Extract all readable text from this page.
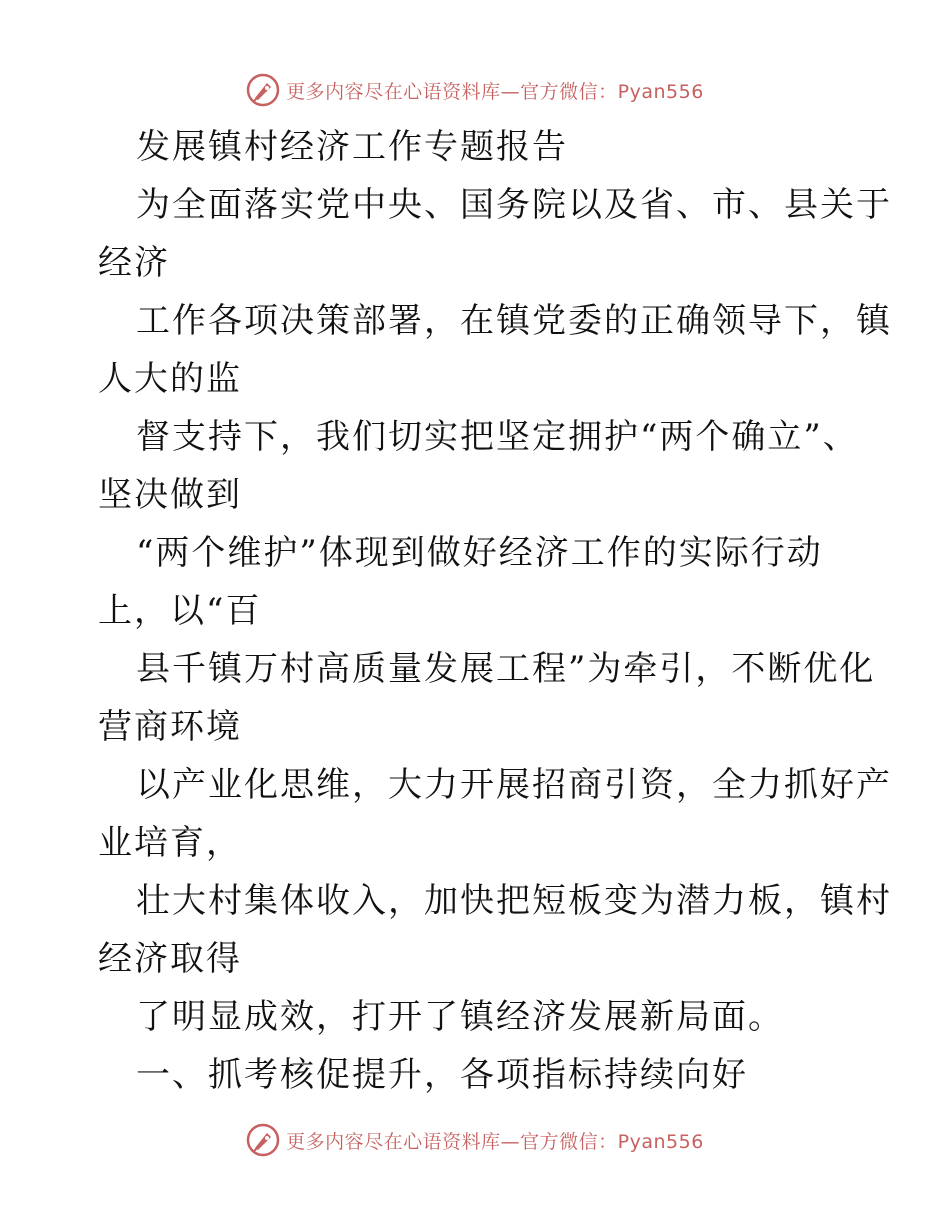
更多内容尽在心语资料库—官方微信：Pyan556
发展镇村经济工作专题报告
为全面落实党中央、国务院以及省、市、县关于
经济
工作各项决策部署，在镇党委的正确领导下，镇
人大的监
督支持下，我们切实把坚定拥护“两个确立”、
坚决做到
“两个维护”体现到做好经济工作的实际行动
上，以“百
县千镇万村高质量发展工程”为牵引，不断优化
营商环境
以产业化思维，大力开展招商引资，全力抓好产
业培育，
壮大村集体收入，加快把短板变为潜力板，镇村
经济取得
了明显成效，打开了镇经济发展新局面。
一、抓考核促提升，各项指标持续向好
更多内容尽在心语资料库—官方微信：Pyan556
